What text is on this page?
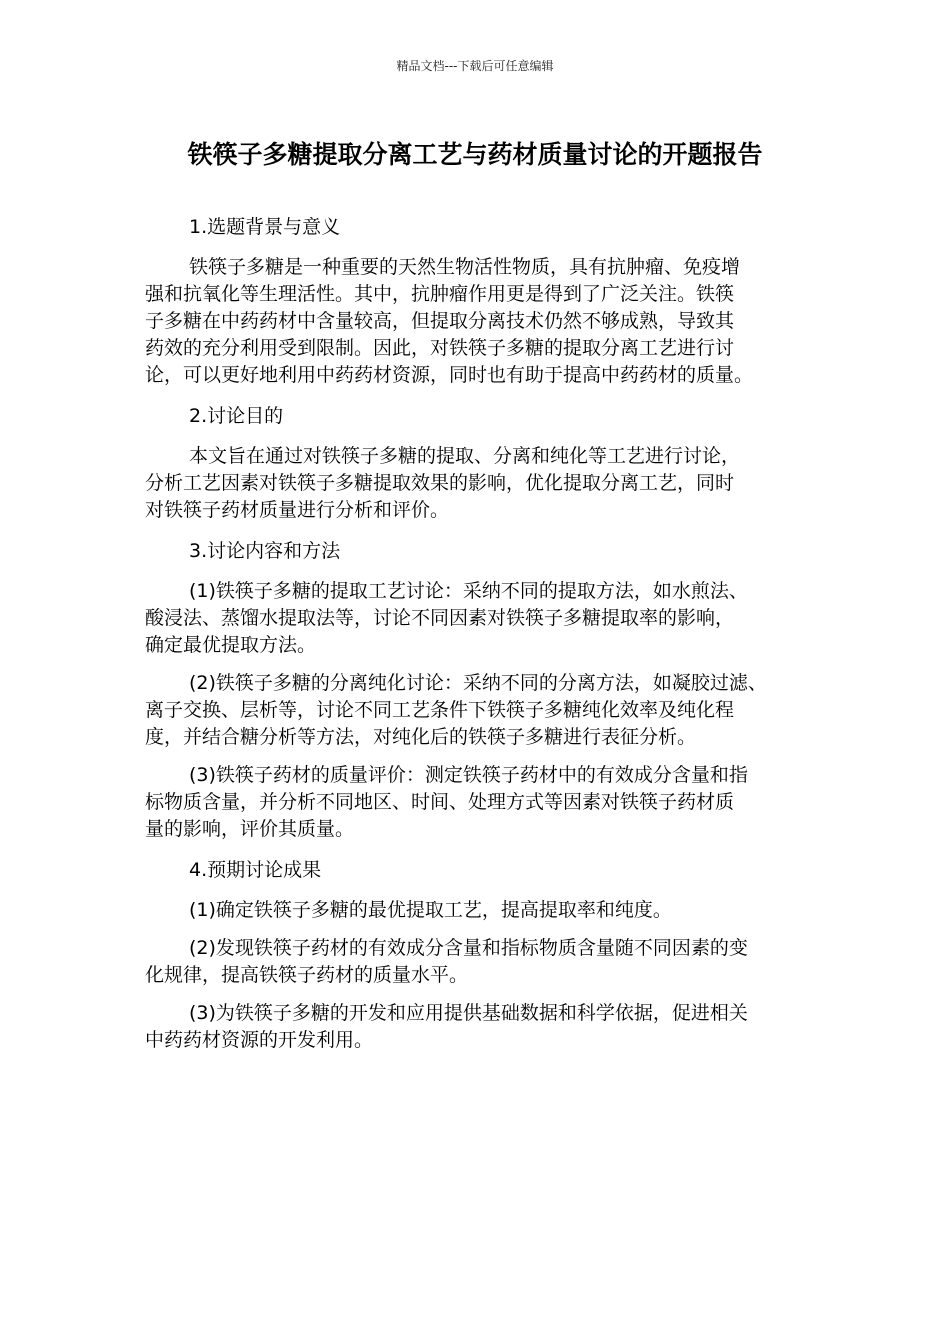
精品文档---下载后可任意编辑
铁筷子多糖提取分离工艺与药材质量讨论的开题报告
1.选题背景与意义
铁筷子多糖是一种重要的天然生物活性物质，具有抗肿瘤、免疫增
强和抗氧化等生理活性。其中，抗肿瘤作用更是得到了广泛关注。铁筷
子多糖在中药药材中含量较高，但提取分离技术仍然不够成熟，导致其
药效的充分利用受到限制。因此，对铁筷子多糖的提取分离工艺进行讨
论，可以更好地利用中药药材资源，同时也有助于提高中药药材的质量。
2.讨论目的
本文旨在通过对铁筷子多糖的提取、分离和纯化等工艺进行讨论，
分析工艺因素对铁筷子多糖提取效果的影响，优化提取分离工艺，同时
对铁筷子药材质量进行分析和评价。
3.讨论内容和方法
(1)铁筷子多糖的提取工艺讨论：采纳不同的提取方法，如水煎法、
酸浸法、蒸馏水提取法等，讨论不同因素对铁筷子多糖提取率的影响，
确定最优提取方法。
(2)铁筷子多糖的分离纯化讨论：采纳不同的分离方法，如凝胶过滤、
离子交换、层析等，讨论不同工艺条件下铁筷子多糖纯化效率及纯化程
度，并结合糖分析等方法，对纯化后的铁筷子多糖进行表征分析。
(3)铁筷子药材的质量评价：测定铁筷子药材中的有效成分含量和指
标物质含量，并分析不同地区、时间、处理方式等因素对铁筷子药材质
量的影响，评价其质量。
4.预期讨论成果
(1)确定铁筷子多糖的最优提取工艺，提高提取率和纯度。
(2)发现铁筷子药材的有效成分含量和指标物质含量随不同因素的变
化规律，提高铁筷子药材的质量水平。
(3)为铁筷子多糖的开发和应用提供基础数据和科学依据，促进相关
中药药材资源的开发利用。
